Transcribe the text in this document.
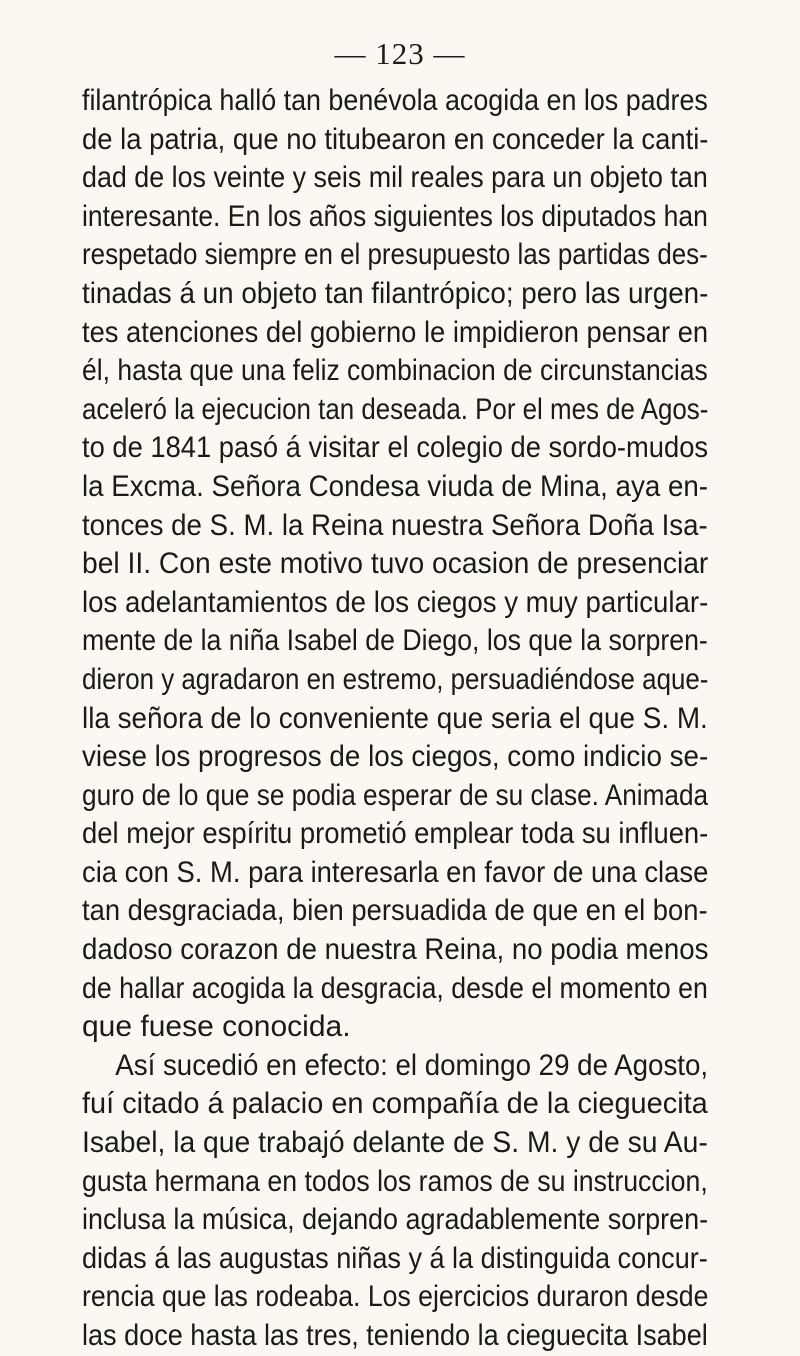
— 123 —
filantrópica halló tan benévola acogida en los padres
de la patria, que no titubearon en conceder la canti-
dad de los veinte y seis mil reales para un objeto tan
interesante. En los años siguientes los diputados han
respetado siempre en el presupuesto las partidas des-
tinadas á un objeto tan filantrópico; pero las urgen-
tes atenciones del gobierno le impidieron pensar en
él, hasta que una feliz combinacion de circunstancias
aceleró la ejecucion tan deseada. Por el mes de Agos-
to de 1841 pasó á visitar el colegio de sordo-mudos
la Excma. Señora Condesa viuda de Mina, aya en-
tonces de S. M. la Reina nuestra Señora Doña Isa-
bel II. Con este motivo tuvo ocasion de presenciar
los adelantamientos de los ciegos y muy particular-
mente de la niña Isabel de Diego, los que la sorpren-
dieron y agradaron en estremo, persuadiéndose aque-
lla señora de lo conveniente que seria el que S. M.
viese los progresos de los ciegos, como indicio se-
guro de lo que se podia esperar de su clase. Animada
del mejor espíritu prometió emplear toda su influen-
cia con S. M. para interesarla en favor de una clase
tan desgraciada, bien persuadida de que en el bon-
dadoso corazon de nuestra Reina, no podia menos
de hallar acogida la desgracia, desde el momento en
que fuese conocida.
Así sucedió en efecto: el domingo 29 de Agosto,
fuí citado á palacio en compañía de la cieguecita
Isabel, la que trabajó delante de S. M. y de su Au-
gusta hermana en todos los ramos de su instruccion,
inclusa la música, dejando agradablemente sorpren-
didas á las augustas niñas y á la distinguida concur-
rencia que las rodeaba. Los ejercicios duraron desde
las doce hasta las tres, teniendo la cieguecita Isabel
